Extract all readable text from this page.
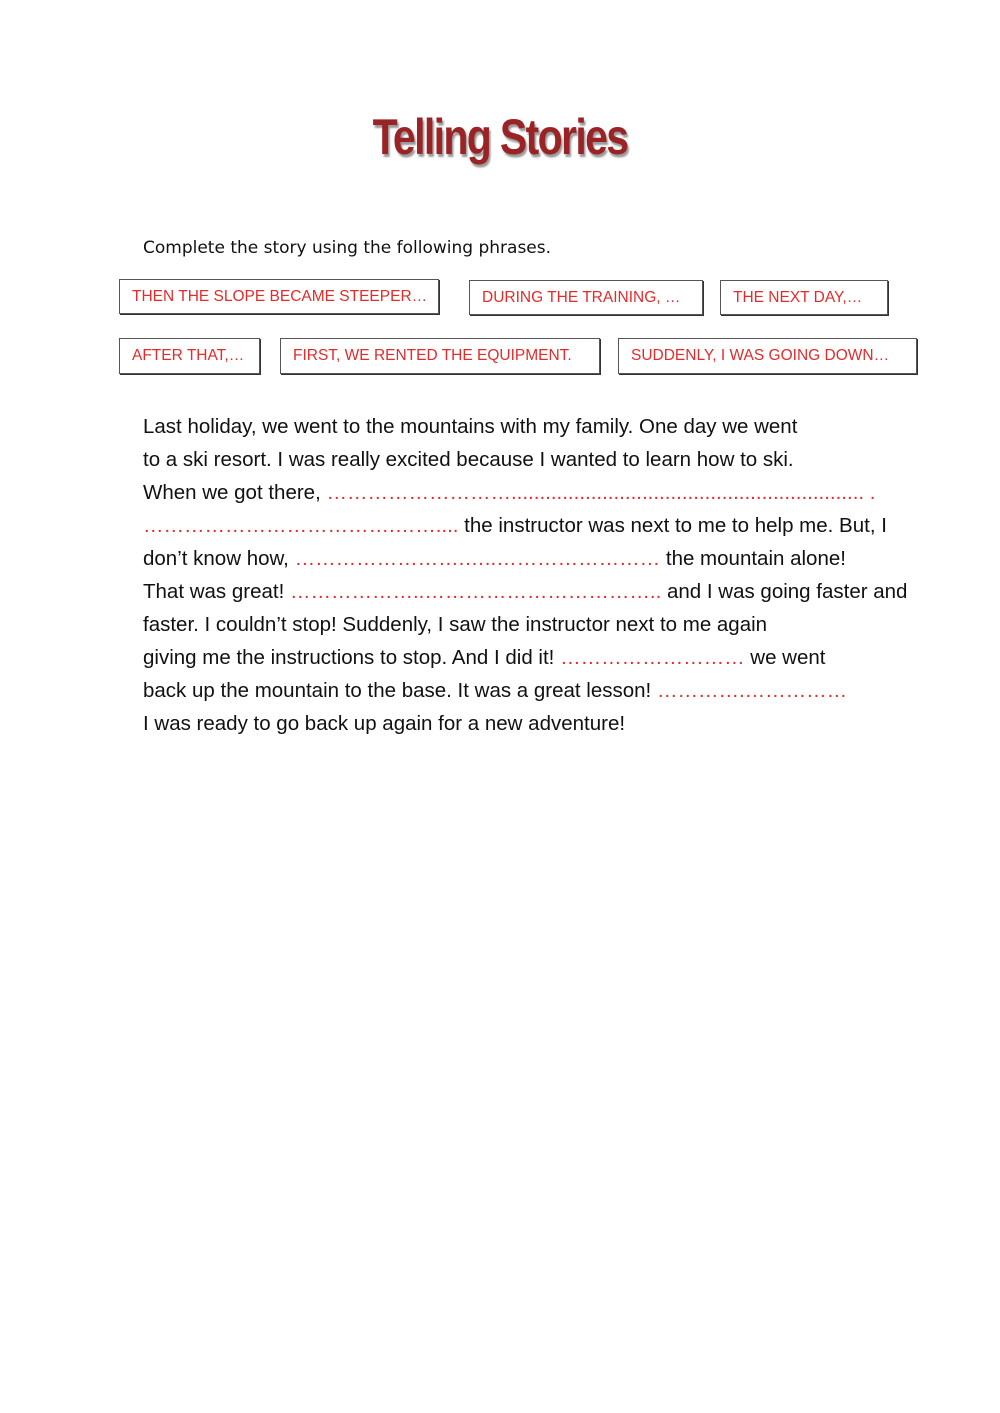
Telling Stories
Complete the story using the following phrases.
THEN THE SLOPE BECAME STEEPER…	DURING THE TRAINING, …	THE NEXT DAY,…
AFTER THAT,…	FIRST, WE RENTED THE EQUIPMENT.	SUDDENLY, I WAS GOING DOWN…
Last holiday, we went to the mountains with my family. One day we went
to a ski resort. I was really excited because I wanted to learn how to ski.
When we got there, ……………………….............................................................. .
……………………………….…….... the instructor was next to me to help me. But, I
don’t know how, …………………….…..…………………… the mountain alone!
That was great! ………………..…………………………….. and I was going faster and
faster. I couldn’t stop! Suddenly, I saw the instructor next to me again
giving me the instructions to stop. And I did it! ……………………… we went
back up the mountain to the base. It was a great lesson! ………….……………
I was ready to go back up again for a new adventure!
